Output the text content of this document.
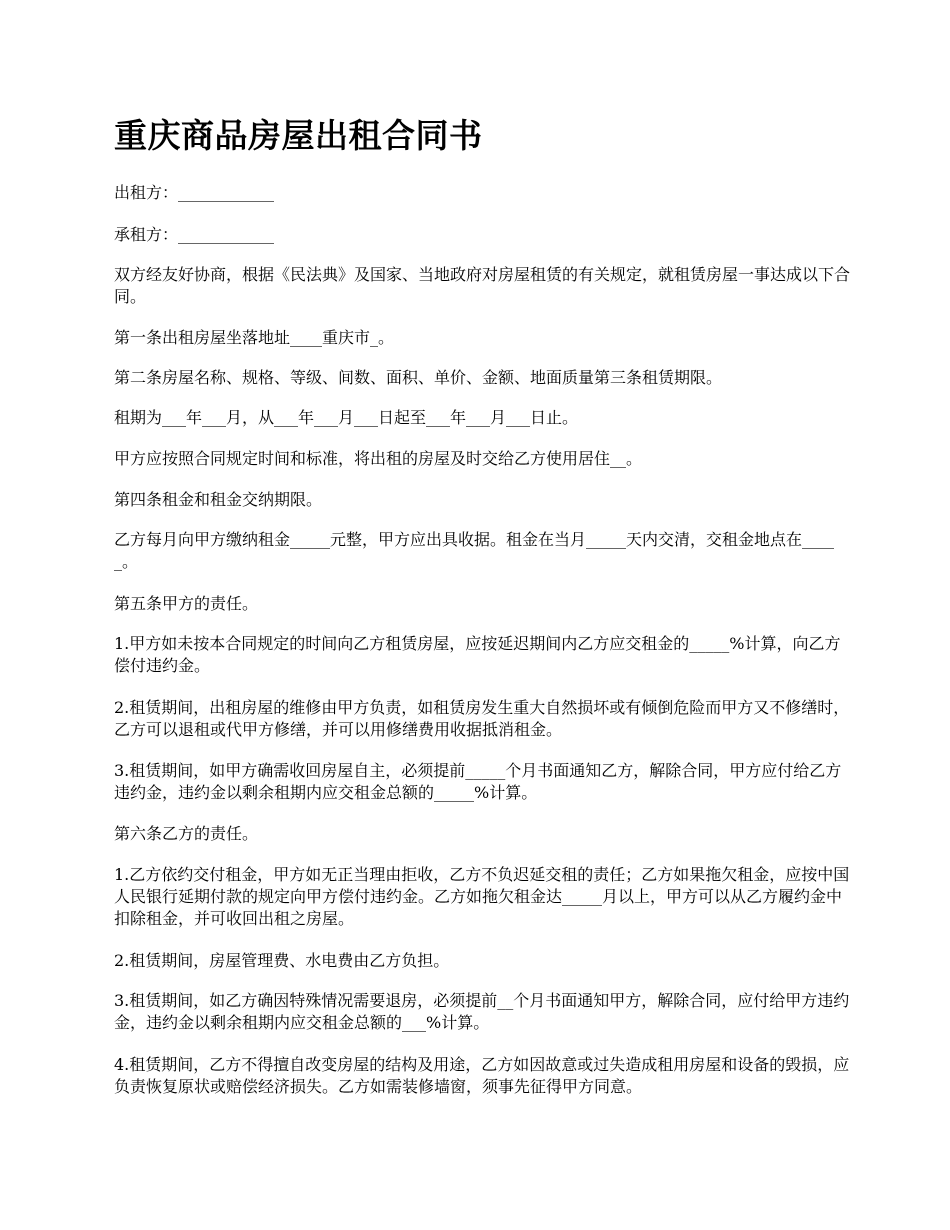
重庆商品房屋出租合同书

出租方：____________

承租方：____________

双方经友好协商，根据《民法典》及国家、当地政府对房屋租赁的有关规定，就租赁房屋一事达成以下合同。

第一条出租房屋坐落地址____重庆市_。

第二条房屋名称、规格、等级、间数、面积、单价、金额、地面质量第三条租赁期限。

租期为___年___月，从___年___月___日起至___年___月___日止。

甲方应按照合同规定时间和标准，将出租的房屋及时交给乙方使用居住__。

第四条租金和租金交纳期限。

乙方每月向甲方缴纳租金_____元整，甲方应出具收据。租金在当月_____天内交清，交租金地点在_____。

第五条甲方的责任。

1.甲方如未按本合同规定的时间向乙方租赁房屋，应按延迟期间内乙方应交租金的_____%计算，向乙方偿付违约金。

2.租赁期间，出租房屋的维修由甲方负责，如租赁房发生重大自然损坏或有倾倒危险而甲方又不修缮时，乙方可以退租或代甲方修缮，并可以用修缮费用收据抵消租金。

3.租赁期间，如甲方确需收回房屋自主，必须提前_____个月书面通知乙方，解除合同，甲方应付给乙方违约金，违约金以剩余租期内应交租金总额的_____%计算。

第六条乙方的责任。

1.乙方依约交付租金，甲方如无正当理由拒收，乙方不负迟延交租的责任；乙方如果拖欠租金，应按中国人民银行延期付款的规定向甲方偿付违约金。乙方如拖欠租金达_____月以上，甲方可以从乙方履约金中扣除租金，并可收回出租之房屋。

2.租赁期间，房屋管理费、水电费由乙方负担。

3.租赁期间，如乙方确因特殊情况需要退房，必须提前__个月书面通知甲方，解除合同，应付给甲方违约金，违约金以剩余租期内应交租金总额的___%计算。

4.租赁期间，乙方不得擅自改变房屋的结构及用途，乙方如因故意或过失造成租用房屋和设备的毁损，应负责恢复原状或赔偿经济损失。乙方如需装修墙窗，须事先征得甲方同意。
